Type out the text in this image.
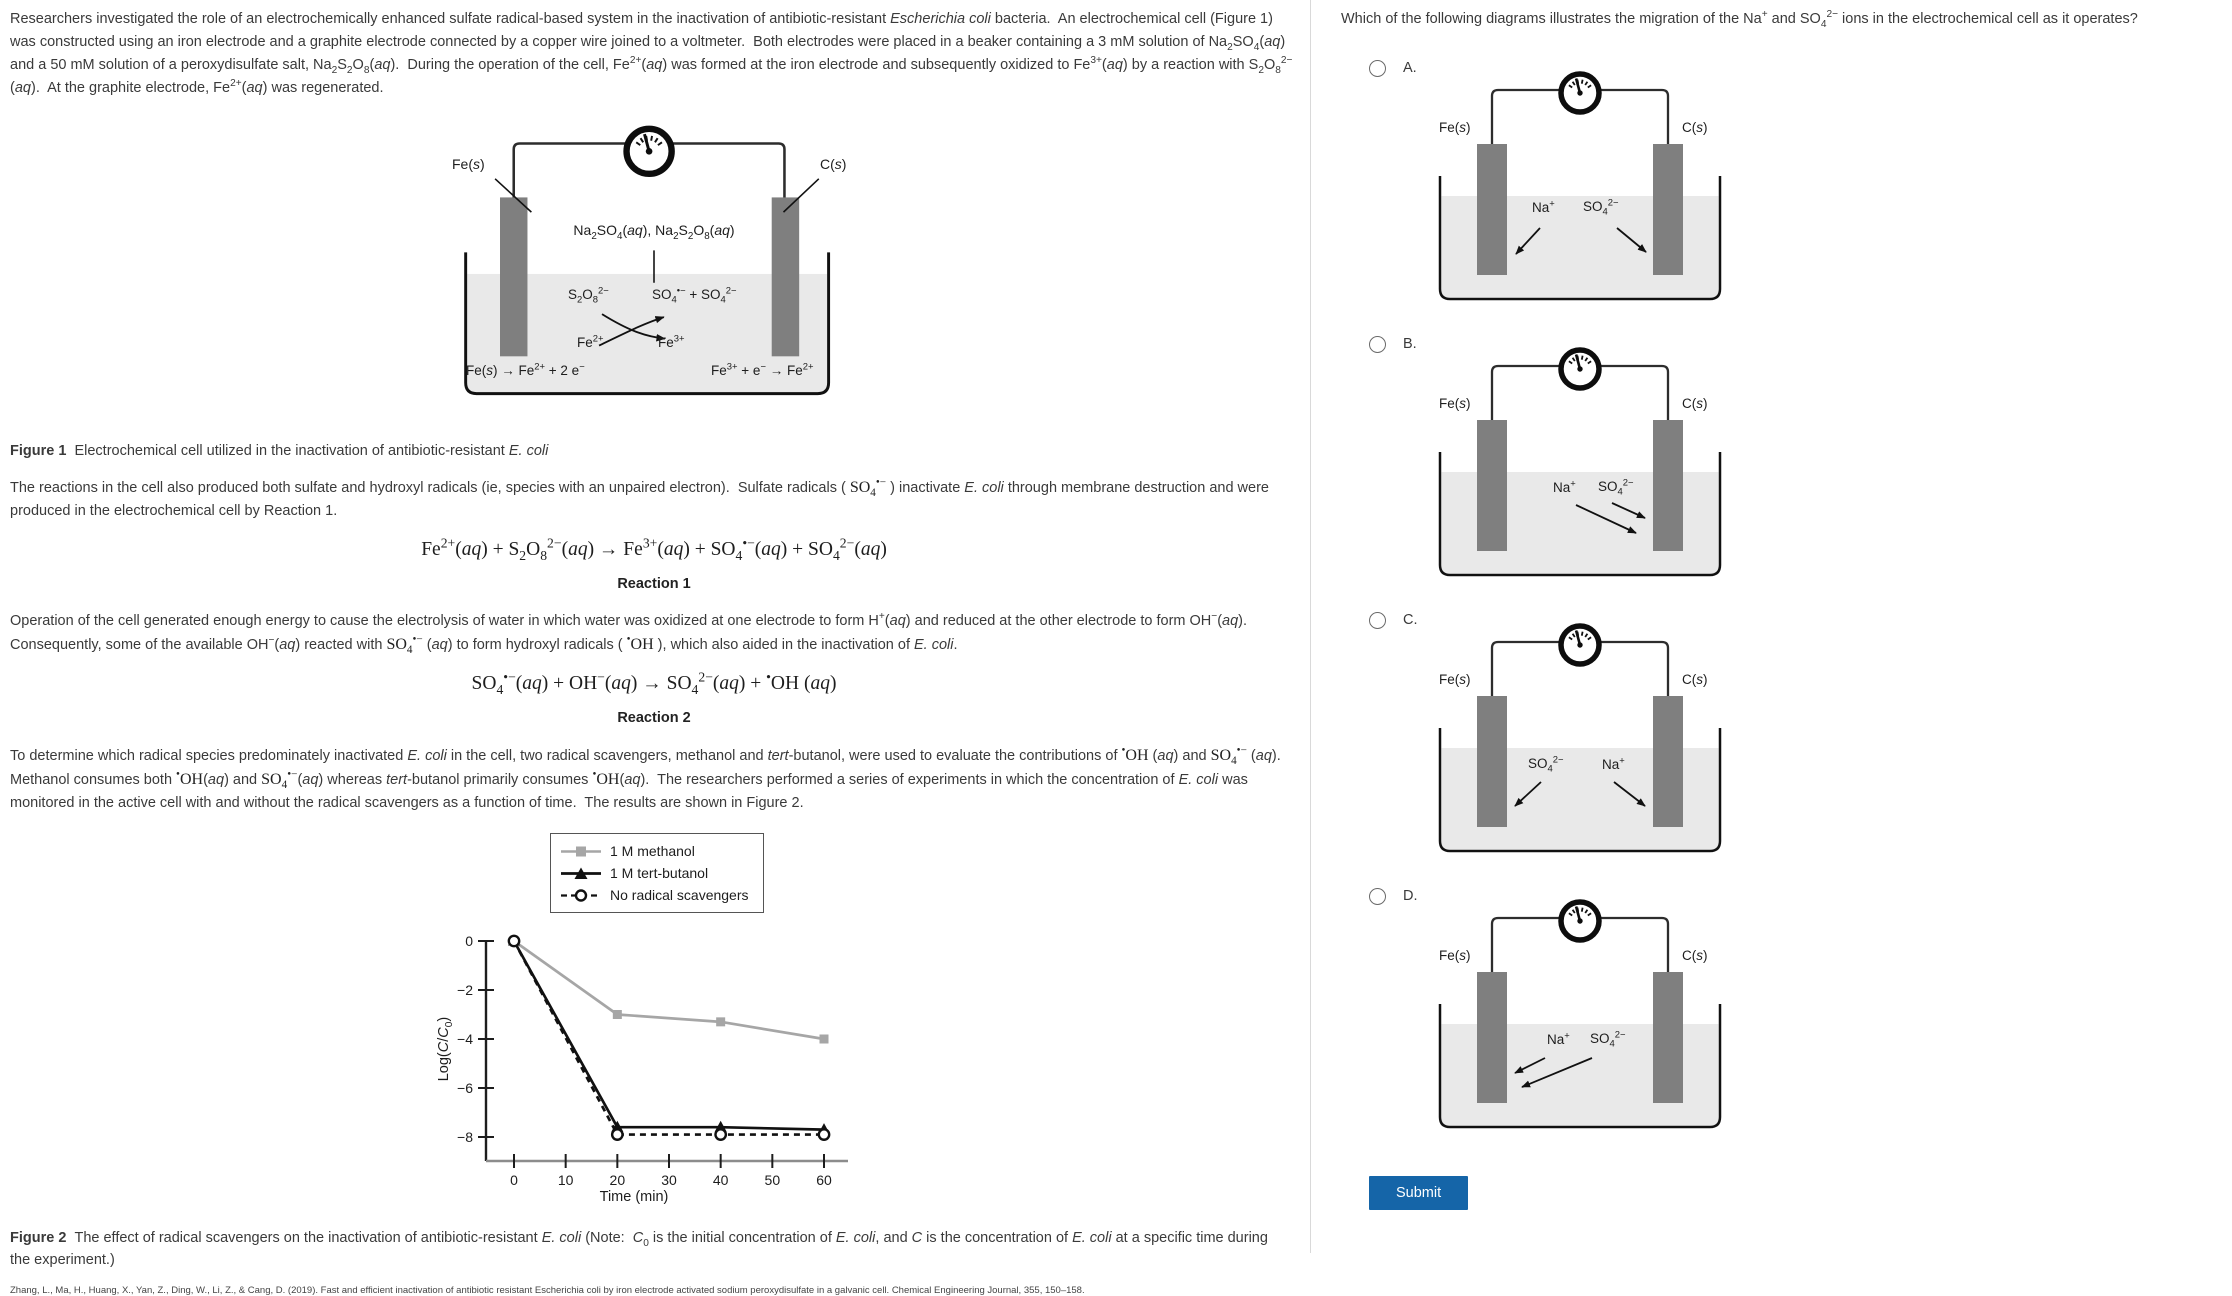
Researchers investigated the role of an electrochemically enhanced sulfate radical-based system in the inactivation of antibiotic-resistant Escherichia coli bacteria.  An electrochemical cell (Figure 1) was constructed using an iron electrode and a graphite electrode connected by a copper wire joined to a voltmeter.  Both electrodes were placed in a beaker containing a 3 mM solution of $Na_2SO_4(aq)$ and a 50 mM solution of a peroxydisulfate salt, $Na_2S_2O_8(aq)$.  During the operation of the cell, $Fe^{2+}(aq)$ was formed at the iron electrode and subsequently oxidized to $Fe^{3+}(aq)$ by a reaction with $S_2O_8^{2-}(aq)$.  At the graphite electrode, $Fe^{2+}(aq)$ was regenerated.

Fe(s)	C(s)
$Na_2SO_4(aq)$, $Na_2S_2O_8(aq)$
$S_2O_8^{2-}$	$SO_4^{•-} + SO_4^{2-}$
$Fe^{2+}$	$Fe^{3+}$
$Fe(s) \to Fe^{2+} + 2$ e−	$Fe^{3+} + e^- \to Fe^{2+}$

Figure 1 Electrochemical cell utilized in the inactivation of antibiotic-resistant E. coli

The reactions in the cell also produced both sulfate and hydroxyl radicals (ie, species with an unpaired electron).  Sulfate radicals ( $SO_4^{•-}$ ) inactivate E. coli through membrane destruction and were produced in the electrochemical cell by Reaction 1.

$Fe^{2+}(aq) + S_2O_8^{2-}(aq) \to Fe^{3+}(aq) + SO_4^{•-}(aq) + SO_4^{2-}(aq)$
Reaction 1

Operation of the cell generated enough energy to cause the electrolysis of water in which water was oxidized at one electrode to form H+(aq) and reduced at the other electrode to form OH−(aq).  Consequently, some of the available OH−(aq) reacted with $SO_4^{•-}$ (aq) to form hydroxyl radicals ( •OH ), which also aided in the inactivation of E. coli.

$SO_4^{•-}(aq) + OH^-(aq) \to SO_4^{2-}(aq) + ^•OH$ (aq)
Reaction 2

To determine which radical species predominately inactivated E. coli in the cell, two radical scavengers, methanol and tert-butanol, were used to evaluate the contributions of •OH (aq) and $SO_4^{•-}$ (aq).  Methanol consumes both •OH(aq) and $SO_4^{•-}(aq)$ whereas tert-butanol primarily consumes •OH(aq).  The researchers performed a series of experiments in which the concentration of E. coli was monitored in the active cell with and without the radical scavengers as a function of time.  The results are shown in Figure 2.

1 M methanol
1 M tert-butanol
No radical scavengers
0
−2
−4
−6
−8
0	10	20	30	40	50	60
$Log(C/C_0)$
Time (min)

Figure 2 The effect of radical scavengers on the inactivation of antibiotic-resistant E. coli (Note:  $C_0$ is the initial concentration of E. coli, and C is the concentration of E. coli at a specific time during the experiment.)

Zhang, L., Ma, H., Huang, X., Yan, Z., Ding, W., Li, Z., & Cang, D. (2019). Fast and efficient inactivation of antibiotic resistant Escherichia coli by iron electrode activated sodium peroxydisulfate in a galvanic cell. Chemical Engineering Journal, 355, 150–158.
Which of the following diagrams illustrates the migration of the Na+ and $SO_4^{2-}$ ions in the electrochemical cell as it operates?
A.
Fe(s)	C(s)
Na+ $SO_4^{2-}$
B.
Fe(s)	C(s)
Na+ $SO_4^{2-}$
C.
Fe(s)	C(s)
$SO_4^{2-}$	Na+
D.
Fe(s)	C(s)
Na+ $SO_4^{2-}$
Submit
